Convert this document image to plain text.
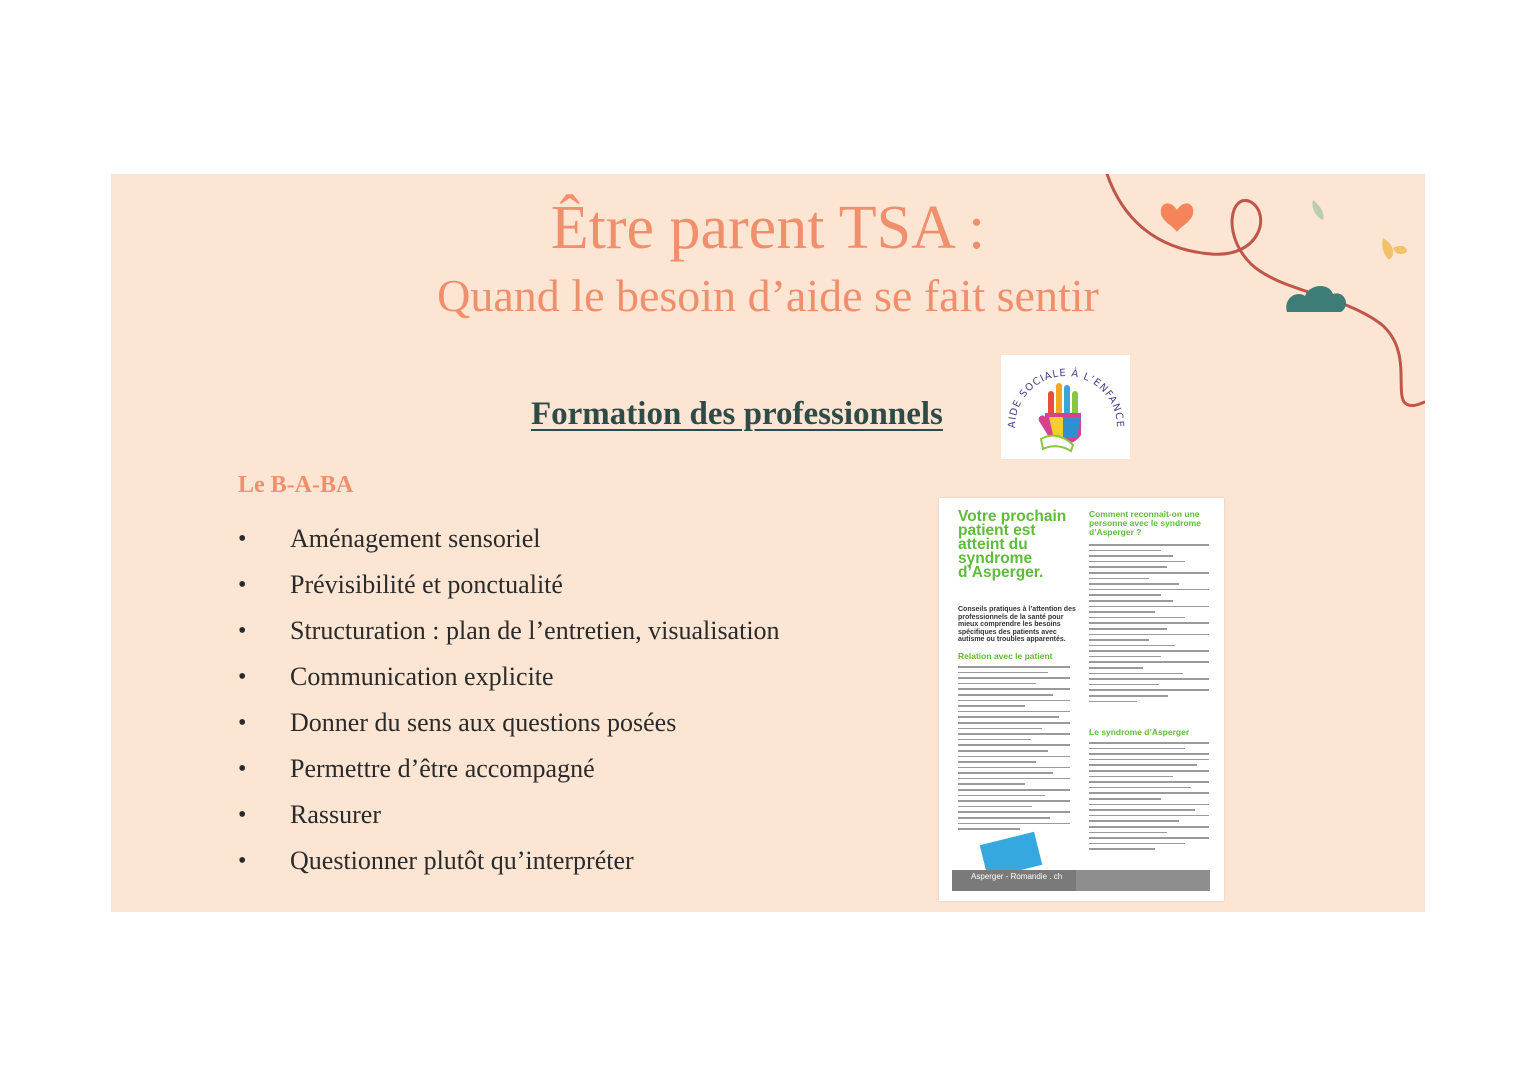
Être parent TSA :
Quand le besoin d’aide se fait sentir
Formation des professionnels	AIDE SOCIALE À L’ENFANCE
Le B-A-BA
•	Aménagement sensoriel
•	Prévisibilité et ponctualité
•	Structuration : plan de l’entretien, visualisation
•	Communication explicite
•	Donner du sens aux questions posées
•	Permettre d’être accompagné
•	Rassurer
•	Questionner plutôt qu’interpréter
Votre prochain patient est atteint du syndrome d’Asperger.
Conseils pratiques à l’attention des professionnels de la santé pour mieux comprendre les besoins spécifiques des patients avec autisme ou troubles apparentés.
Relation avec le patient
Comment reconnaît-on une personne avec le syndrome d’Asperger ?
Le syndrome d’Asperger
Asperger - Romandie . ch
